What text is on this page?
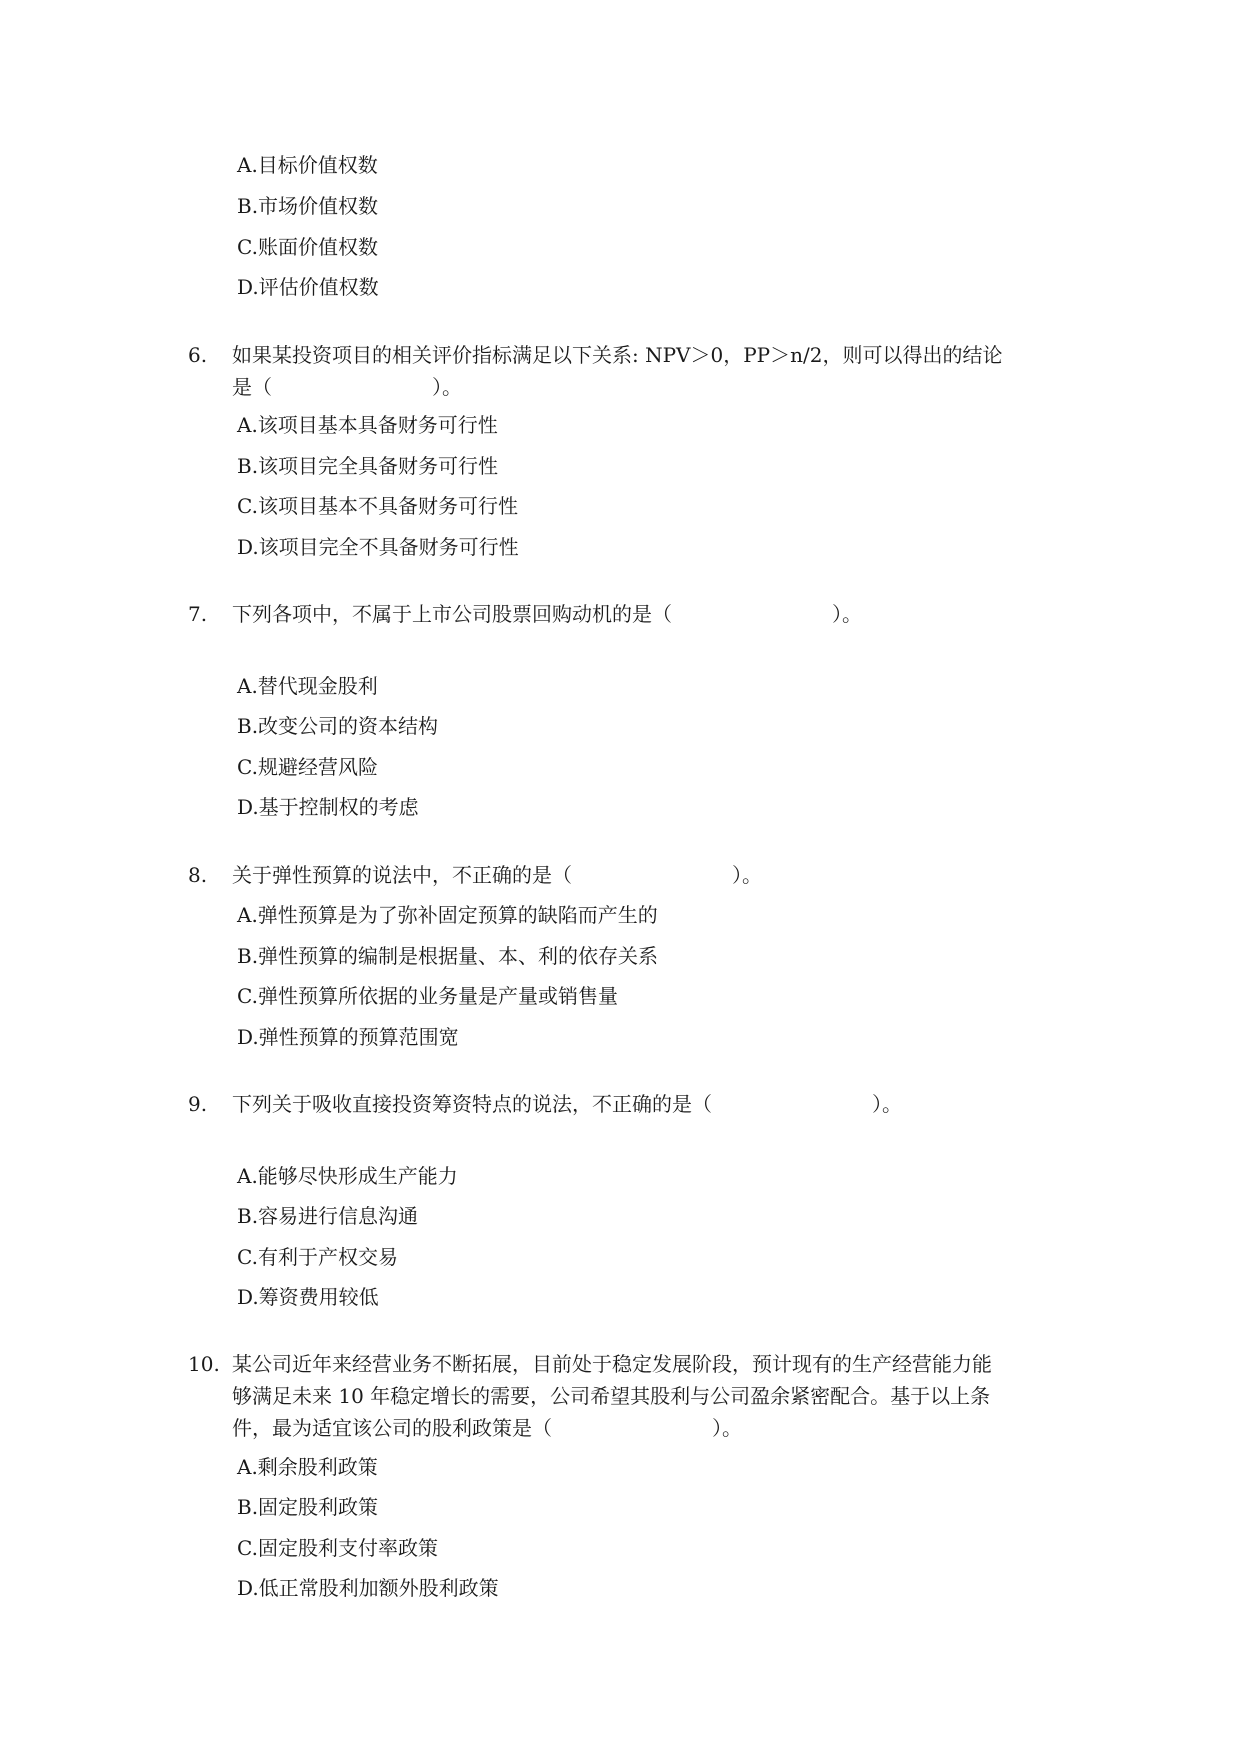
A.目标价值权数
B.市场价值权数
C.账面价值权数
D.评估价值权数
6. 如果某投资项目的相关评价指标满足以下关系: NPV＞0，PP＞n/2，则可以得出的结论
是（　　　　　　　　）。
A.该项目基本具备财务可行性
B.该项目完全具备财务可行性
C.该项目基本不具备财务可行性
D.该项目完全不具备财务可行性
7. 下列各项中，不属于上市公司股票回购动机的是（　　　　　　　　）。
A.替代现金股利
B.改变公司的资本结构
C.规避经营风险
D.基于控制权的考虑
8. 关于弹性预算的说法中，不正确的是（　　　　　　　　）。
A.弹性预算是为了弥补固定预算的缺陷而产生的
B.弹性预算的编制是根据量、本、利的依存关系
C.弹性预算所依据的业务量是产量或销售量
D.弹性预算的预算范围宽
9. 下列关于吸收直接投资筹资特点的说法，不正确的是（　　　　　　　　）。
A.能够尽快形成生产能力
B.容易进行信息沟通
C.有利于产权交易
D.筹资费用较低
10. 某公司近年来经营业务不断拓展，目前处于稳定发展阶段，预计现有的生产经营能力能
够满足未来 10 年稳定增长的需要，公司希望其股利与公司盈余紧密配合。基于以上条
件，最为适宜该公司的股利政策是（　　　　　　　　）。
A.剩余股利政策
B.固定股利政策
C.固定股利支付率政策
D.低正常股利加额外股利政策
